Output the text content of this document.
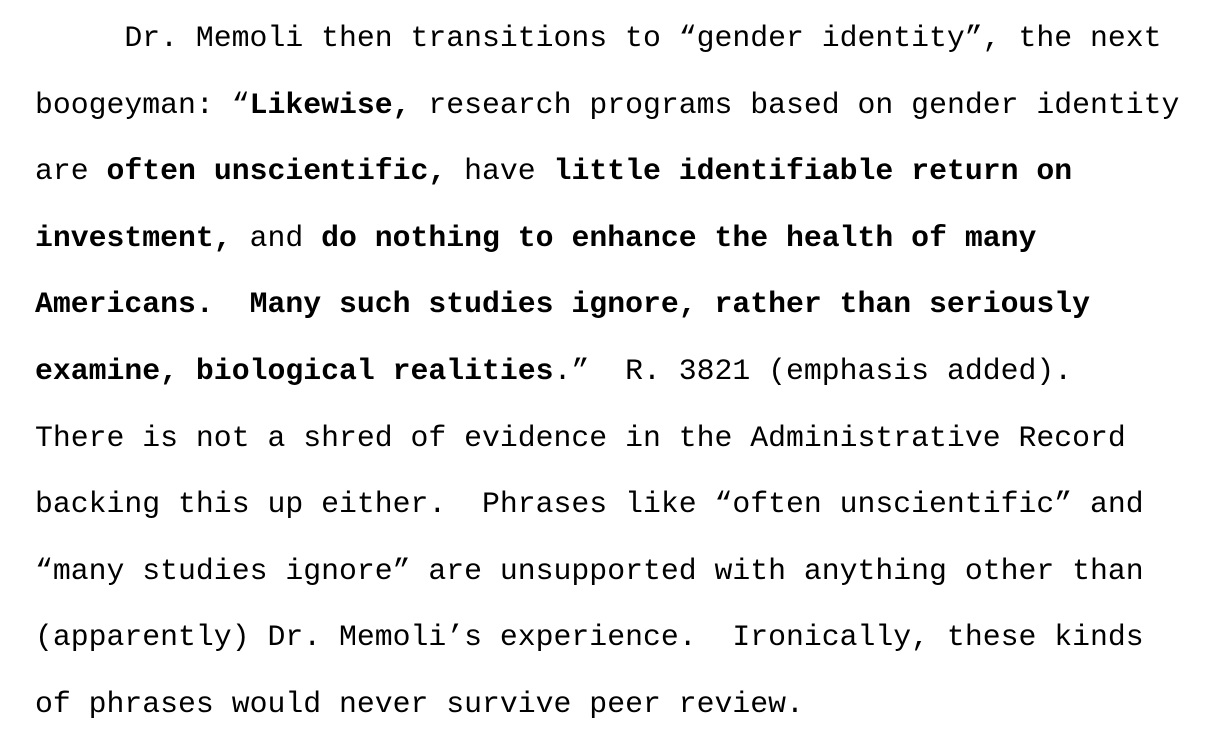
Dr. Memoli then transitions to “gender identity”, the next
boogeyman: “Likewise, research programs based on gender identity
are often unscientific, have little identifiable return on
investment, and do nothing to enhance the health of many
Americans.  Many such studies ignore, rather than seriously
examine, biological realities.”  R. 3821 (emphasis added).
There is not a shred of evidence in the Administrative Record
backing this up either.  Phrases like “often unscientific” and
“many studies ignore” are unsupported with anything other than
(apparently) Dr. Memoli’s experience.  Ironically, these kinds
of phrases would never survive peer review.
